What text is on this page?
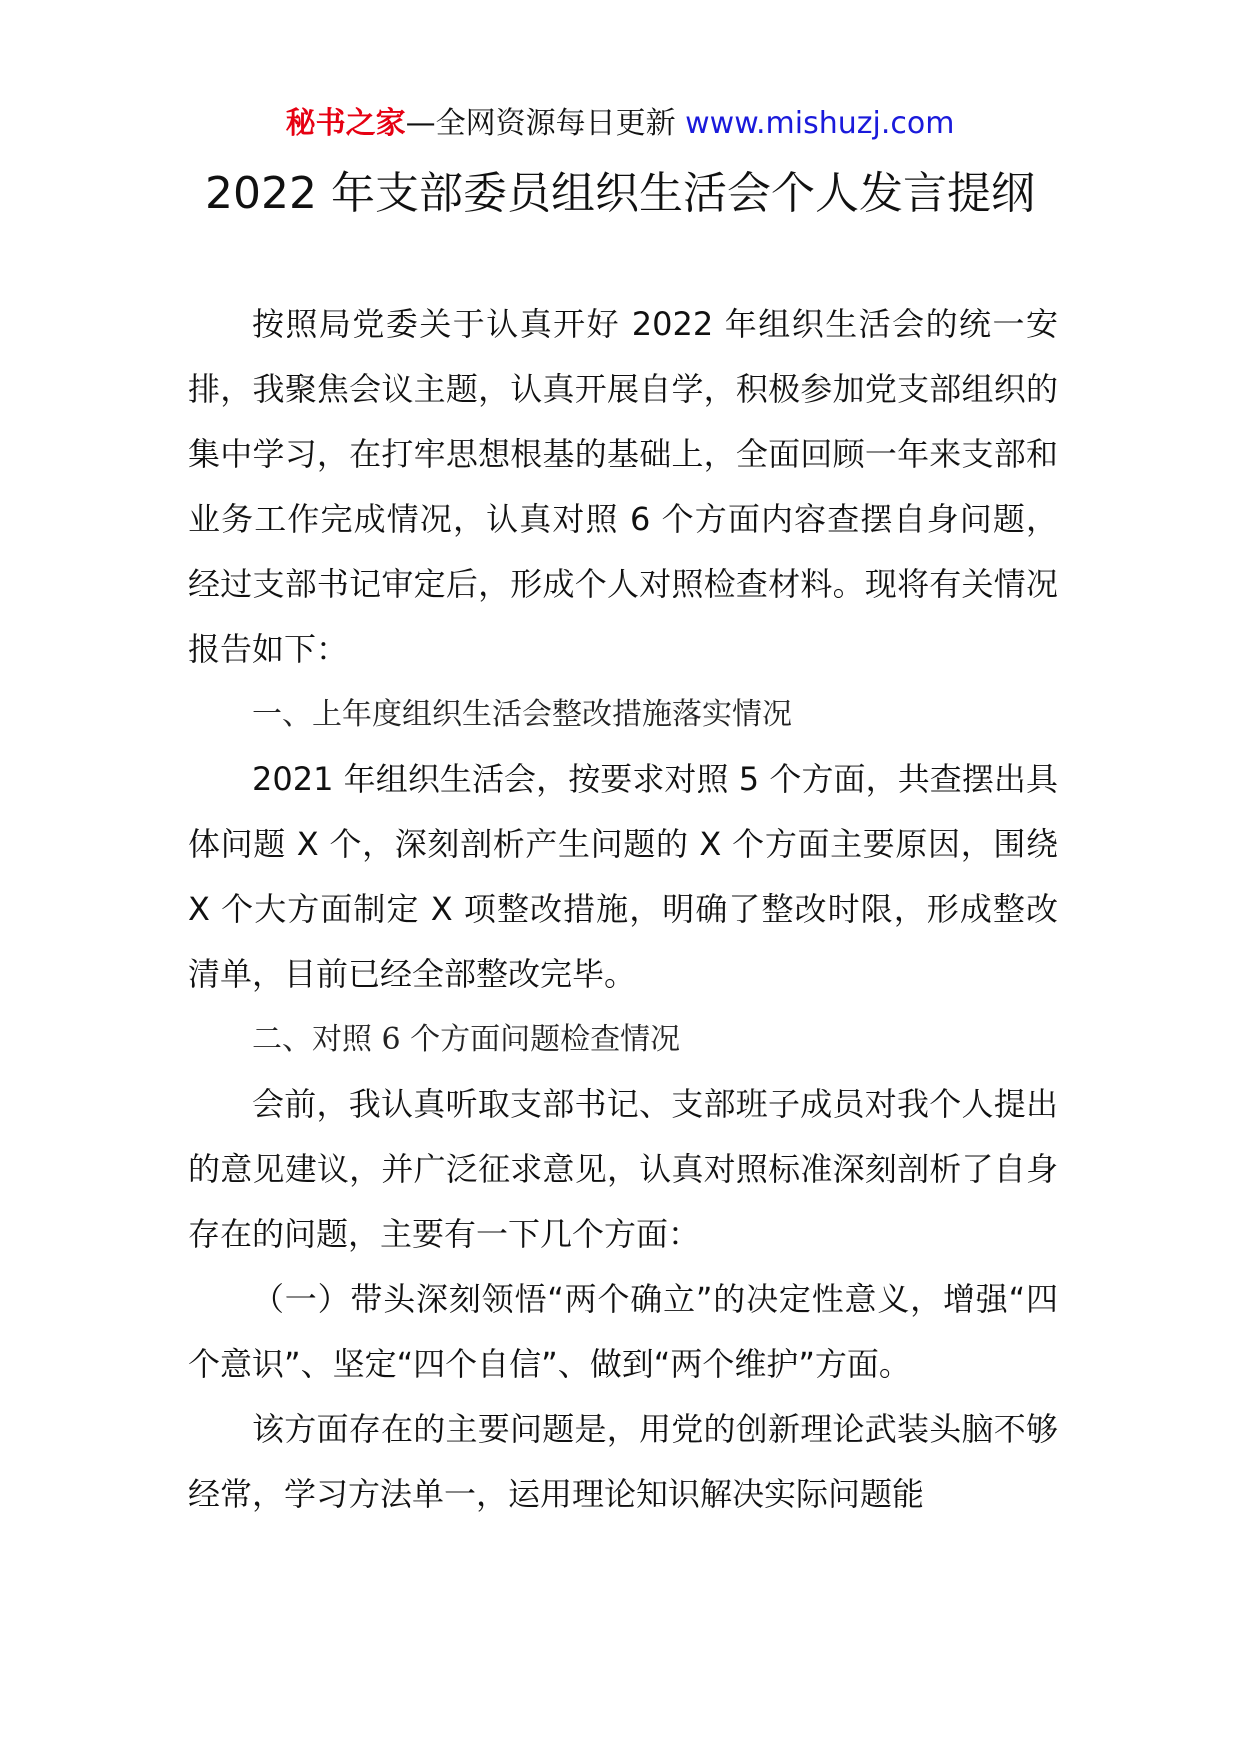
秘书之家—全网资源每日更新 www.mishuzj.com
2022 年支部委员组织生活会个人发言提纲

按照局党委关于认真开好 2022 年组织生活会的统一安排，我聚焦会议主题，认真开展自学，积极参加党支部组织的集中学习，在打牢思想根基的基础上，全面回顾一年来支部和业务工作完成情况，认真对照 6 个方面内容查摆自身问题，经过支部书记审定后，形成个人对照检查材料。现将有关情况报告如下：

一、上年度组织生活会整改措施落实情况

2021 年组织生活会，按要求对照 5 个方面，共查摆出具体问题 X 个，深刻剖析产生问题的 X 个方面主要原因，围绕 X 个大方面制定 X 项整改措施，明确了整改时限，形成整改清单，目前已经全部整改完毕。

二、对照 6 个方面问题检查情况

会前，我认真听取支部书记、支部班子成员对我个人提出的意见建议，并广泛征求意见，认真对照标准深刻剖析了自身存在的问题，主要有一下几个方面：

（一）带头深刻领悟“两个确立”的决定性意义，增强“四个意识”、坚定“四个自信”、做到“两个维护”方面。

该方面存在的主要问题是，用党的创新理论武装头脑不够经常，学习方法单一，运用理论知识解决实际问题能
